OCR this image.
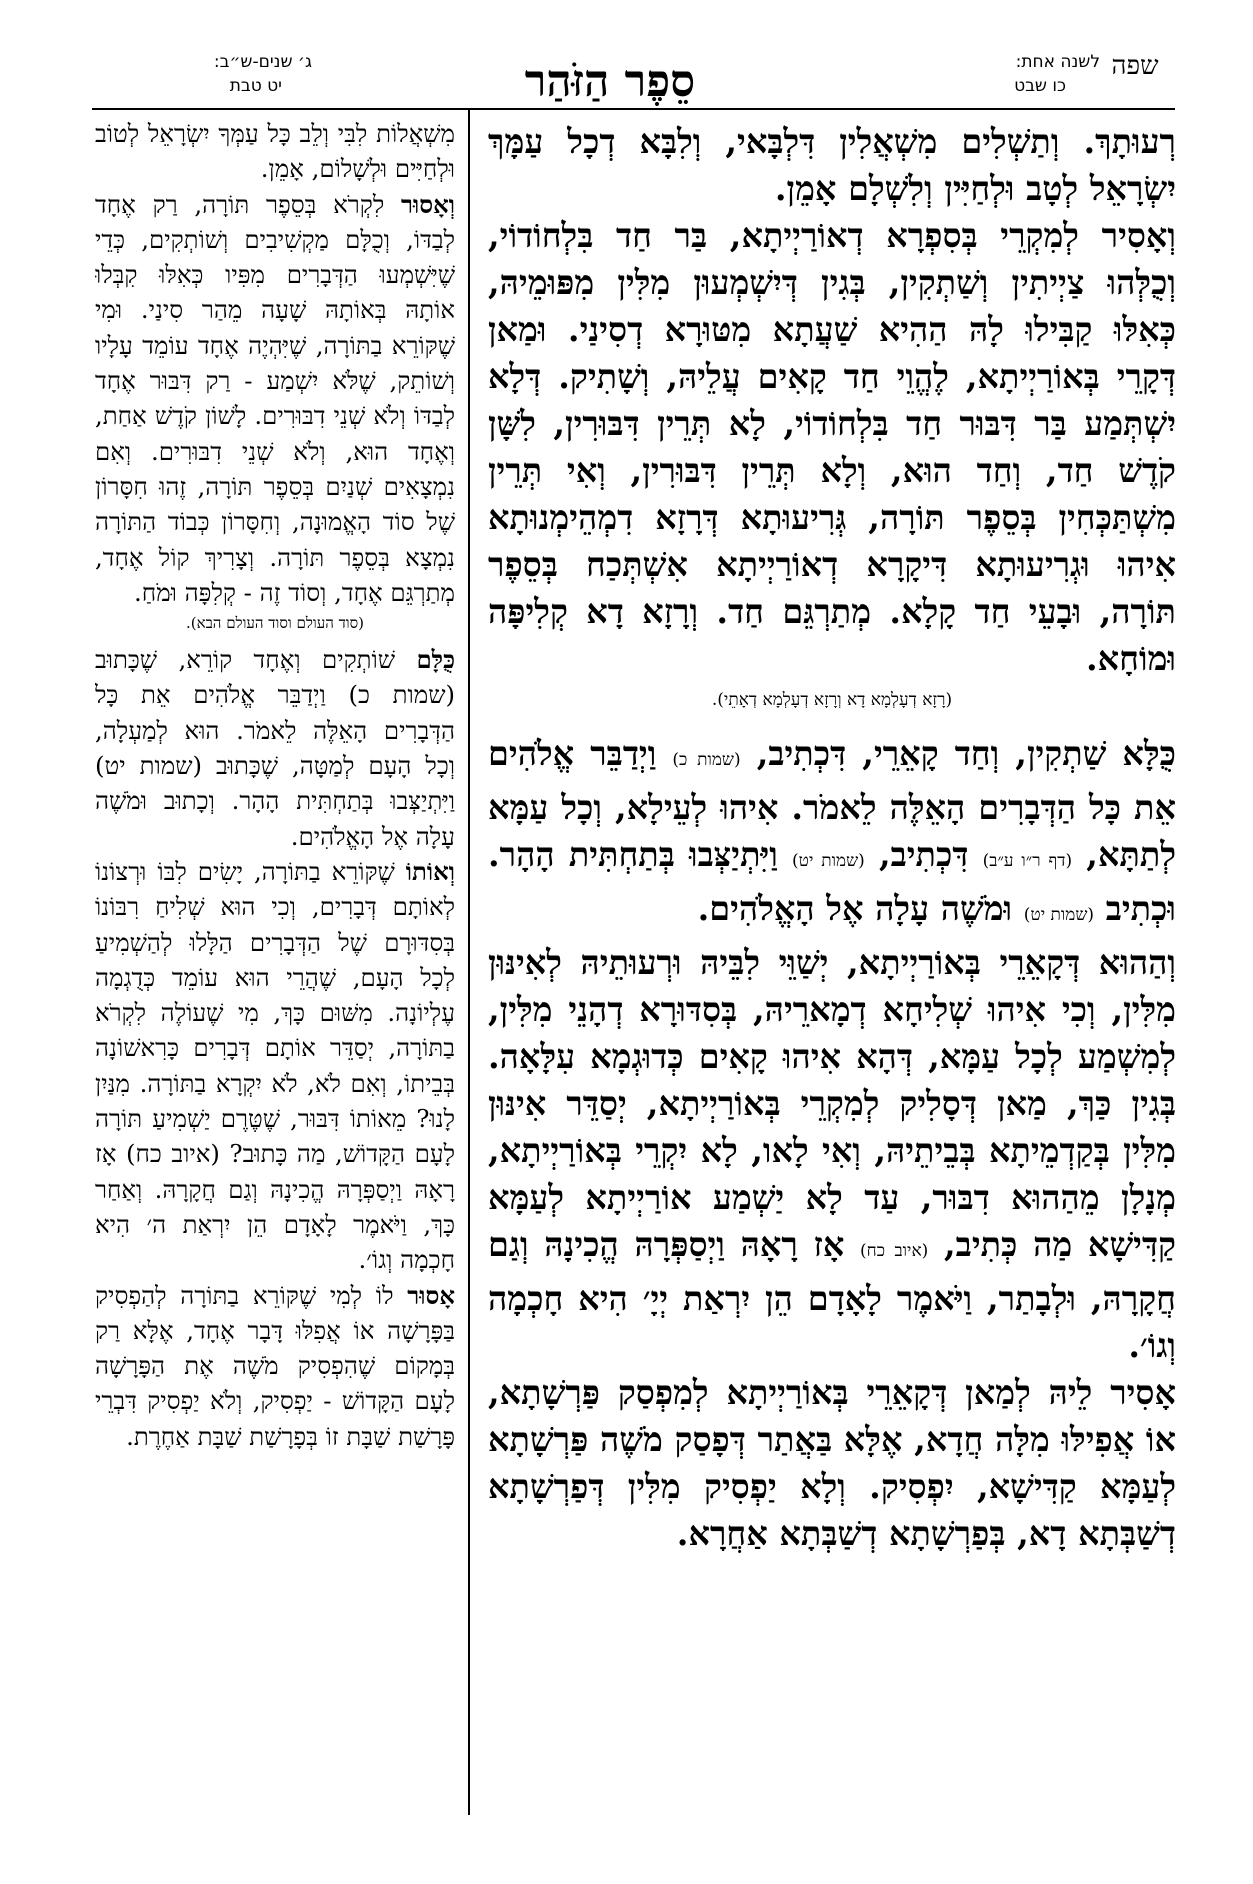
ג׳ שנים-ש״ב:
יט טבת	סֵפֶר הַזֹּהַר	לשנה אחת:
כו שבט
שפה

מִשְׁאֲלוֹת לִבִּי וְלֵב כָּל עַמְּךָ יִשְׂרָאֵל לְטוֹב וּלְחַיִּים וּלְשָׁלוֹם, אָמֵן.

וְאָסוּר לִקְרֹא בְּסֵפֶר תּוֹרָה, רַק אֶחָד לְבַדּוֹ, וְכֻלָּם מַקְשִׁיבִים וְשׁוֹתְקִים, כְּדֵי שֶׁיִּשְׁמְעוּ הַדְּבָרִים מִפִּיו כְּאִלּוּ קִבְּלוּ אוֹתָהּ בְּאוֹתָהּ שָׁעָה מֵהַר סִינַי. וּמִי שֶׁקּוֹרֵא בַתּוֹרָה, שֶׁיִּהְיֶה אֶחָד עוֹמֵד עָלָיו וְשׁוֹתֵק, שֶׁלֹּא יִשְׁמַע - רַק דִּבּוּר אֶחָד לְבַדּוֹ וְלֹא שְׁנֵי דִבּוּרִים. לָשׁוֹן קֹדֶשׁ אַחַת, וְאֶחָד הוּא, וְלֹא שְׁנֵי דִבּוּרִים. וְאִם נִמְצָאִים שְׁנַיִם בְּסֵפֶר תּוֹרָה, זֶהוּ חִסָּרוֹן שֶׁל סוֹד הָאֱמוּנָה, וְחִסָּרוֹן כְּבוֹד הַתּוֹרָה נִמְצָא בְּסֵפֶר תּוֹרָה. וְצָרִיךְ קוֹל אֶחָד, מְתַרְגֵּם אֶחָד, וְסוֹד זֶה - קְלִפָּה וּמֹחַ.

(סוד העולם וסוד העולם הבא).

כֻּלָּם שׁוֹתְקִים וְאֶחָד קוֹרֵא, שֶׁכָּתוּב (שמות כ) וַיְדַבֵּר אֱלֹהִים אֵת כָּל הַדְּבָרִים הָאֵלֶּה לֵאמֹר. הוּא לְמַעְלָה, וְכָל הָעָם לְמַטָּה, שֶׁכָּתוּב (שמות יט) וַיִּתְיַצְּבוּ בְּתַחְתִּית הָהָר. וְכָתוּב וּמֹשֶׁה עָלָה אֶל הָאֱלֹהִים.

וְאוֹתוֹ שֶׁקּוֹרֵא בַתּוֹרָה, יָשִׂים לִבּוֹ וּרְצוֹנוֹ לְאוֹתָם דְּבָרִים, וְכִי הוּא שְׁלִיחַ רִבּוֹנוֹ בְּסִדּוּרָם שֶׁל הַדְּבָרִים הַלָּלוּ לְהַשְׁמִיעַ לְכָל הָעָם, שֶׁהֲרֵי הוּא עוֹמֵד כְּדֻגְמָה עֶלְיוֹנָה. מִשּׁוּם כָּךְ, מִי שֶׁעוֹלֶה לִקְרֹא בַתּוֹרָה, יְסַדֵּר אוֹתָם דְּבָרִים כָּרִאשׁוֹנָה בְּבֵיתוֹ, וְאִם לֹא, לֹא יִקְרָא בַתּוֹרָה. מִנַּיִן לָנוּ? מֵאוֹתוֹ דִּבּוּר, שֶׁטֶּרֶם יַשְׁמִיעַ תּוֹרָה לָעָם הַקָּדוֹשׁ, מַה כָּתוּב? (איוב כח) אָז רָאָהּ וַיְסַפְּרָהּ הֱכִינָהּ וְגַם חֲקָרָהּ. וְאַחַר כָּךְ, וַיֹּאמֶר לָאָדָם הֵן יִרְאַת ה׳ הִיא חָכְמָה וְגוֹ׳.

אָסוּר לוֹ לְמִי שֶׁקּוֹרֵא בַתּוֹרָה לְהַפְסִיק בַּפָּרָשָׁה אוֹ אֲפִלּוּ דָּבָר אֶחָד, אֶלָּא רַק בְּמָקוֹם שֶׁהִפְסִיק מֹשֶׁה אֶת הַפָּרָשָׁה לָעָם הַקָּדוֹשׁ - יַפְסִיק, וְלֹא יַפְסִיק דִּבְרֵי פָּרָשַׁת שַׁבָּת זוֹ בְּפָרָשַׁת שַׁבָּת אַחֶרֶת.

רְעוּתָךְ. וְתַשְׁלִים מִשְׁאֲלִין דִּלְבָּאי, וְלִבָּא דְכָל עַמָּךְ יִשְׂרָאֵל לְטָב וּלְחַיִּין וְלִשְׁלָם אָמֵן.

וְאָסִיר לְמִקְרֵי בְּסִפְרָא דְאוֹרַיְיתָא, בַּר חַד בִּלְחוֹדוֹי, וְכֻלְּהוּ צַיְיתִין וְשַׁתְקִין, בְּגִין דְּיִשְׁמְעוּן מִלִּין מִפּוּמֵיהּ, כְּאִלּוּ קַבִּילוּ לָהּ הַהִיא שַׁעֲתָא מִטּוּרָא דְסִינַי. וּמַאן דְּקָרֵי בְּאוֹרַיְיתָא, לֶהֱוֵי חַד קָאִים עֲלֵיהּ, וְשָׁתִיק. דְּלָא יִשְׁתְּמַע בַּר דִּבּוּר חַד בִּלְחוֹדוֹי, לָא תְּרֵין דִּבּוּרִין, לִשָּׁן קֹדֶשׁ חַד, וְחַד הוּא, וְלָא תְּרֵין דִּבּוּרִין, וְאִי תְּרֵין מִשְׁתַּכְּחִין בְּסֵפֶר תּוֹרָה, גְּרִיעוּתָא דְּרָזָא דִמְהֵימְנוּתָא אִיהוּ וּגְרִיעוּתָא דִּיקָרָא דְאוֹרַיְיתָא אִשְׁתְּכַח בְּסֵפֶר תּוֹרָה, וּבָעֵי חַד קָלָא. מְתַרְגֵּם חַד. וְרָזָא דָא קְלִיפָּה וּמוֹחָא.

(רָזָא דְעָלְמָא דָא וְרָזָא דְעָלְמָא דְאָתֵי).

כֻּלָּא שַׁתְקִין, וְחַד קָאֵרֵי, דִּכְתִיב, (שמות כ) וַיְדַבֵּר אֱלֹהִים אֵת כָּל הַדְּבָרִים הָאֵלֶּה לֵאמֹר. אִיהוּ לְעֵילָא, וְכָל עַמָּא לְתַתָּא, (דף ר״ו ע״ב) דִּכְתִיב, (שמות יט) וַיִּתְיַצְּבוּ בְּתַחְתִּית הָהָר. וּכְתִיב (שמות יט) וּמֹשֶׁה עָלָה אֶל הָאֱלֹהִים.

וְהַהוּא דְּקָאֵרֵי בְּאוֹרַיְיתָא, יְשַׁוֵּי לִבֵּיהּ וּרְעוּתֵיהּ לְאִינּוּן מִלִּין, וְכִי אִיהוּ שְׁלִיחָא דְמָארֵיהּ, בְּסִדּוּרָא דְהָנֵי מִלִּין, לְמִשְׁמַע לְכָל עַמָּא, דְּהָא אִיהוּ קָאִים כְּדוּגְמָא עִלָּאָה. בְּגִין כַּךְ, מַאן דְּסָלִיק לְמִקְרֵי בְּאוֹרַיְיתָא, יְסַדֵּר אִינּוּן מִלִּין בְּקַדְמֵיתָא בְּבֵיתֵיהּ, וְאִי לָאו, לָא יִקְרֵי בְּאוֹרַיְיתָא, מְנָלָן מֵהַהוּא דִבּוּר, עַד לָא יַשְׁמַע אוֹרַיְיתָא לְעַמָּא קַדִּישָׁא מַה כְּתִיב, (איוב כח) אָז רָאָהּ וַיְסַפְּרָהּ הֱכִינָהּ וְגַם חֲקָרָהּ, וּלְבָתַר, וַיֹּאמֶר לָאָדָם הֵן יִרְאַת יְיָ׳ הִיא חָכְמָה וְגוֹ׳.

אָסִיר לֵיהּ לְמַאן דְּקָאֵרֵי בְּאוֹרַיְיתָא לְמִפְסַק פַּרְשָׁתָא, אוֹ אֲפִילּוּ מִלָּה חֲדָא, אֶלָּא בַּאֲתַר דְּפָסַק מֹשֶׁה פַּרְשָׁתָא לְעַמָּא קַדִּישָׁא, יִפְסִיק. וְלָא יַפְסִיק מִלִּין דְּפַרְשָׁתָא דְשַׁבְּתָא דָא, בְּפַרְשָׁתָא דְשַׁבְּתָא אַחֲרָא.
